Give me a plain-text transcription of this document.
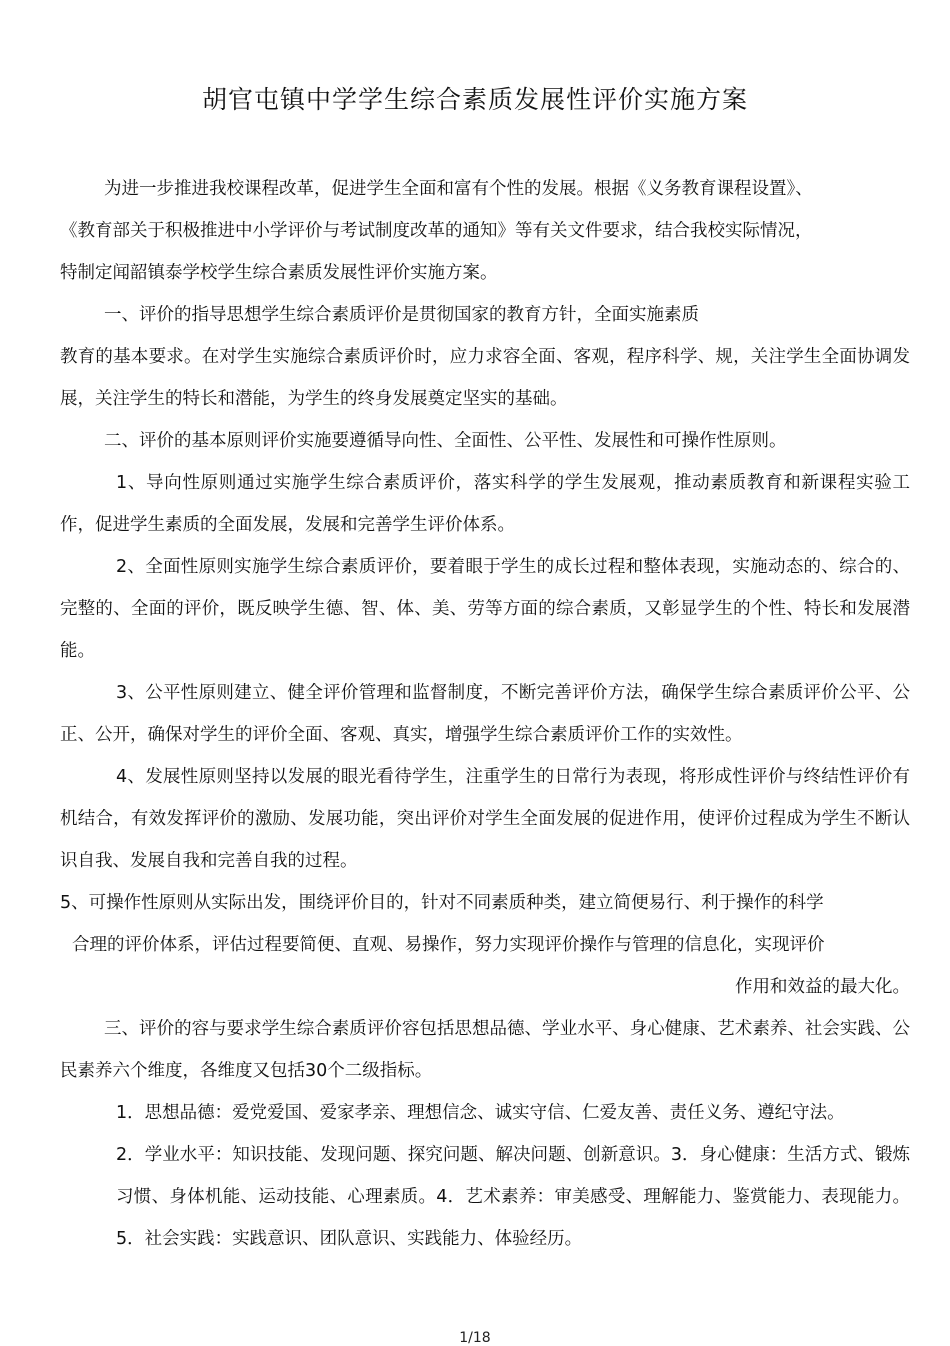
胡官屯镇中学学生综合素质发展性评价实施方案

为进一步推进我校课程改革，促进学生全面和富有个性的发展。根据《义务教育课程设置》、

《教育部关于积极推进中小学评价与考试制度改革的通知》等有关文件要求，结合我校实际情况，

特制定闻韶镇泰学校学生综合素质发展性评价实施方案。

一、评价的指导思想学生综合素质评价是贯彻国家的教育方针，全面实施素质

教育的基本要求。在对学生实施综合素质评价时，应力求容全面、客观，程序科学、规，关注学生全面协调发展，关注学生的特长和潜能，为学生的终身发展奠定坚实的基础。

二、评价的基本原则评价实施要遵循导向性、全面性、公平性、发展性和可操作性原则。

1、导向性原则通过实施学生综合素质评价，落实科学的学生发展观，推动素质教育和新课程实验工作，促进学生素质的全面发展，发展和完善学生评价体系。

2、全面性原则实施学生综合素质评价，要着眼于学生的成长过程和整体表现，实施动态的、综合的、完整的、全面的评价，既反映学生德、智、体、美、劳等方面的综合素质，又彰显学生的个性、特长和发展潜能。

3、公平性原则建立、健全评价管理和监督制度，不断完善评价方法，确保学生综合素质评价公平、公正、公开，确保对学生的评价全面、客观、真实，增强学生综合素质评价工作的实效性。

4、发展性原则坚持以发展的眼光看待学生，注重学生的日常行为表现，将形成性评价与终结性评价有机结合，有效发挥评价的激励、发展功能，突出评价对学生全面发展的促进作用，使评价过程成为学生不断认识自我、发展自我和完善自我的过程。

5、可操作性原则从实际出发，围绕评价目的，针对不同素质种类，建立简便易行、利于操作的科学

合理的评价体系，评估过程要简便、直观、易操作，努力实现评价操作与管理的信息化，实现评价

作用和效益的最大化。

三、评价的容与要求学生综合素质评价容包括思想品德、学业水平、身心健康、艺术素养、社会实践、公民素养六个维度，各维度又包括30个二级指标。

1．思想品德：爱党爱国、爱家孝亲、理想信念、诚实守信、仁爱友善、责任义务、遵纪守法。

2．学业水平：知识技能、发现问题、探究问题、解决问题、创新意识。3．身心健康：生活方式、锻炼习惯、身体机能、运动技能、心理素质。4．艺术素养：审美感受、理解能力、鉴赏能力、表现能力。5．社会实践：实践意识、团队意识、实践能力、体验经历。

1/18
